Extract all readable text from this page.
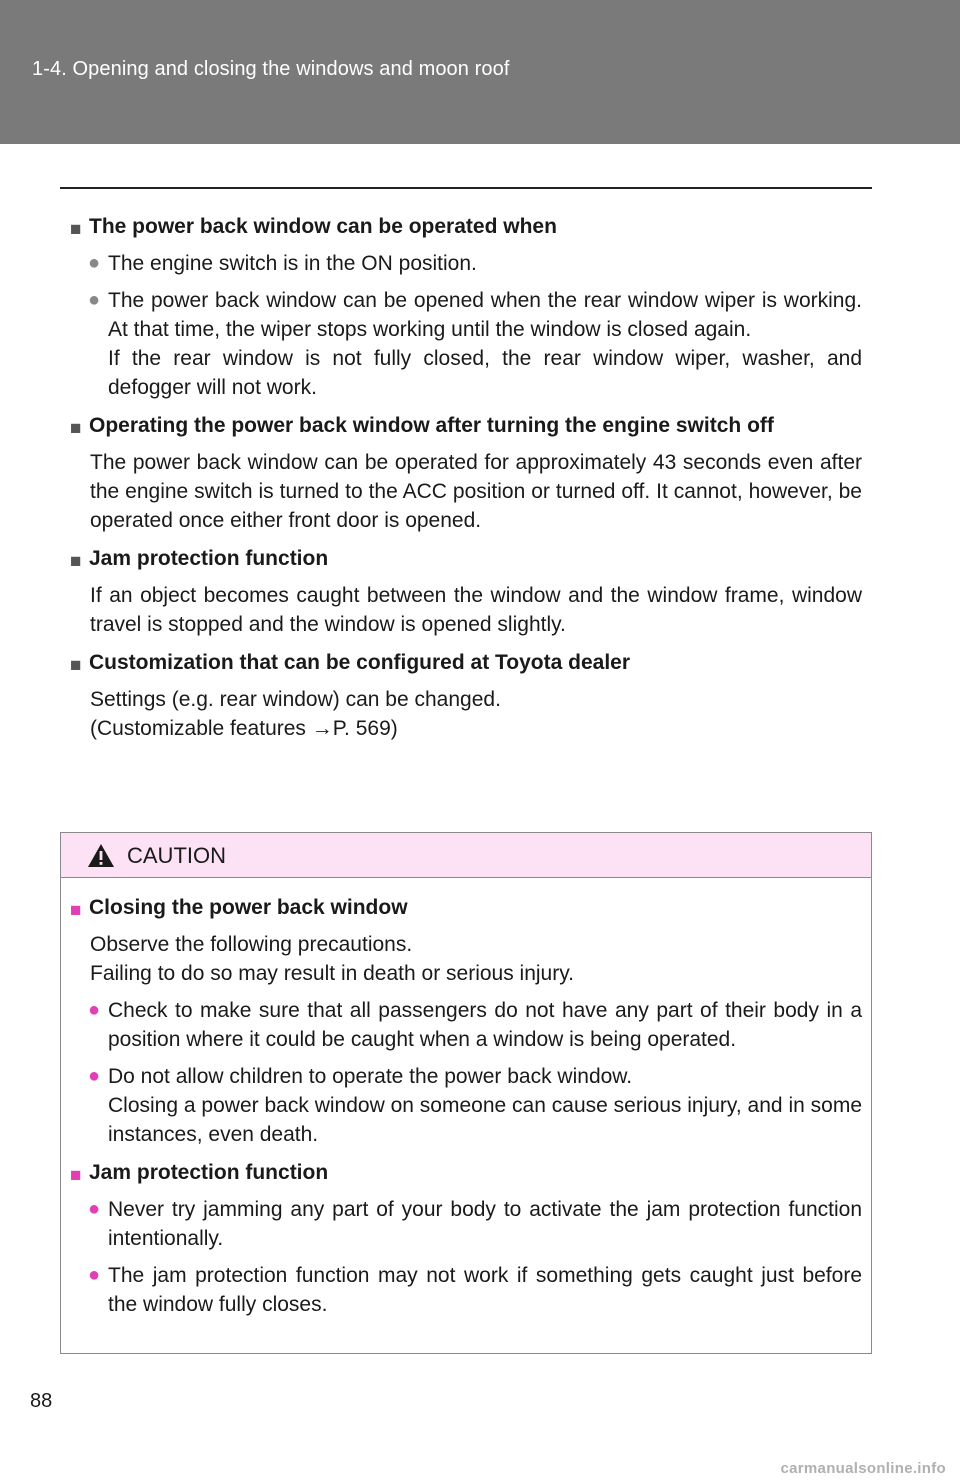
1-4. Opening and closing the windows and moon roof
■ The power back window can be operated when
● The engine switch is in the ON position.
● The power back window can be opened when the rear window wiper is working. At that time, the wiper stops working until the window is closed again.
If the rear window is not fully closed, the rear window wiper, washer, and defogger will not work.
■ Operating the power back window after turning the engine switch off
The power back window can be operated for approximately 43 seconds even after the engine switch is turned to the ACC position or turned off. It cannot, however, be operated once either front door is opened.
■ Jam protection function
If an object becomes caught between the window and the window frame, window travel is stopped and the window is opened slightly.
■ Customization that can be configured at Toyota dealer
Settings (e.g. rear window) can be changed.
(Customizable features →P. 569)
CAUTION
■ Closing the power back window
Observe the following precautions.
Failing to do so may result in death or serious injury.
● Check to make sure that all passengers do not have any part of their body in a position where it could be caught when a window is being operated.
● Do not allow children to operate the power back window.
Closing a power back window on someone can cause serious injury, and in some instances, even death.
■ Jam protection function
● Never try jamming any part of your body to activate the jam protection function intentionally.
● The jam protection function may not work if something gets caught just before the window fully closes.
88
carmanualsonline.info
